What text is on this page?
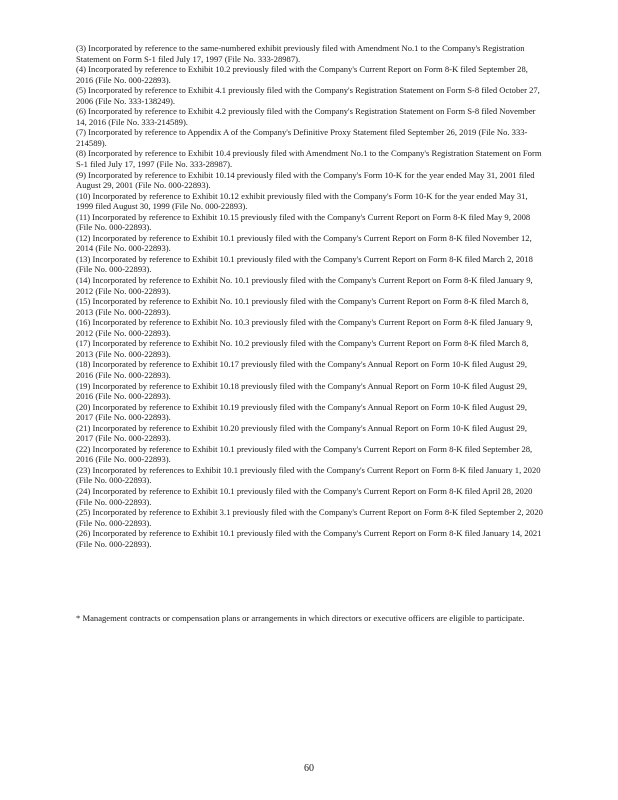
(3) Incorporated by reference to the same-numbered exhibit previously filed with Amendment No.1 to the Company's Registration Statement on Form S-1 filed July 17, 1997 (File No. 333-28987).

(4) Incorporated by reference to Exhibit 10.2 previously filed with the Company's Current Report on Form 8-K filed September 28, 2016 (File No. 000-22893).

(5) Incorporated by reference to Exhibit 4.1 previously filed with the Company's Registration Statement on Form S-8 filed October 27, 2006 (File No. 333-138249).

(6) Incorporated by reference to Exhibit 4.2 previously filed with the Company's Registration Statement on Form S-8 filed November 14, 2016 (File No. 333-214589).

(7) Incorporated by reference to Appendix A of the Company's Definitive Proxy Statement filed September 26, 2019 (File No. 333-214589).

(8) Incorporated by reference to Exhibit 10.4 previously filed with Amendment No.1 to the Company's Registration Statement on Form S-1 filed July 17, 1997 (File No. 333-28987).

(9) Incorporated by reference to Exhibit 10.14 previously filed with the Company's Form 10-K for the year ended May 31, 2001 filed August 29, 2001 (File No. 000-22893).

(10) Incorporated by reference to Exhibit 10.12 exhibit previously filed with the Company's Form 10-K for the year ended May 31, 1999 filed August 30, 1999 (File No. 000-22893).

(11) Incorporated by reference to Exhibit 10.15 previously filed with the Company's Current Report on Form 8-K filed May 9, 2008 (File No. 000-22893).

(12) Incorporated by reference to Exhibit 10.1 previously filed with the Company's Current Report on Form 8-K filed November 12, 2014 (File No. 000-22893).

(13) Incorporated by reference to Exhibit 10.1 previously filed with the Company's Current Report on Form 8-K filed March 2, 2018 (File No. 000-22893).

(14) Incorporated by reference to Exhibit No. 10.1 previously filed with the Company's Current Report on Form 8-K filed January 9, 2012 (File No. 000-22893).

(15) Incorporated by reference to Exhibit No. 10.1 previously filed with the Company's Current Report on Form 8-K filed March 8, 2013 (File No. 000-22893).

(16) Incorporated by reference to Exhibit No. 10.3 previously filed with the Company's Current Report on Form 8-K filed January 9, 2012 (File No. 000-22893).

(17) Incorporated by reference to Exhibit No. 10.2 previously filed with the Company's Current Report on Form 8-K filed March 8, 2013 (File No. 000-22893).

(18) Incorporated by reference to Exhibit 10.17 previously filed with the Company's Annual Report on Form 10-K filed August 29, 2016 (File No. 000-22893).

(19) Incorporated by reference to Exhibit 10.18 previously filed with the Company's Annual Report on Form 10-K filed August 29, 2016 (File No. 000-22893).

(20) Incorporated by reference to Exhibit 10.19 previously filed with the Company's Annual Report on Form 10-K filed August 29, 2017 (File No. 000-22893).

(21) Incorporated by reference to Exhibit 10.20 previously filed with the Company's Annual Report on Form 10-K filed August 29, 2017 (File No. 000-22893).

(22) Incorporated by reference to Exhibit 10.1 previously filed with the Company's Current Report on Form 8-K filed September 28, 2016 (File No. 000-22893).

(23) Incorporated by references to Exhibit 10.1 previously filed with the Company's Current Report on Form 8-K filed January 1, 2020 (File No. 000-22893).

(24) Incorporated by reference to Exhibit 10.1 previously filed with the Company's Current Report on Form 8-K filed April 28, 2020 (File No. 000-22893).

(25) Incorporated by reference to Exhibit 3.1 previously filed with the Company's Current Report on Form 8-K filed September 2, 2020 (File No. 000-22893).

(26) Incorporated by reference to Exhibit 10.1 previously filed with the Company's Current Report on Form 8-K filed January 14, 2021 (File No. 000-22893).

* Management contracts or compensation plans or arrangements in which directors or executive officers are eligible to participate.

60
